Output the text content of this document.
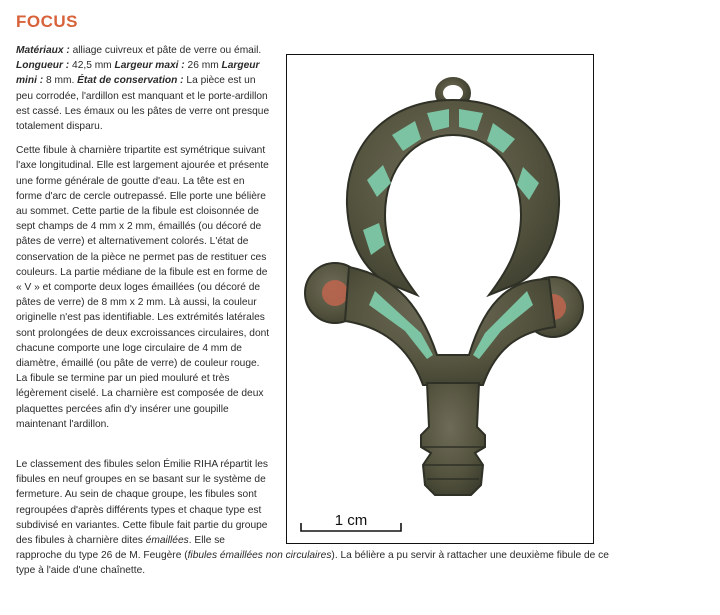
FOCUS

Matériaux : alliage cuivreux et pâte de verre ou émail. Longueur : 42,5 mm Largeur maxi : 26 mm Largeur mini : 8 mm. État de conservation : La pièce est un peu corrodée, l'ardillon est manquant et le porte-ardillon est cassé. Les émaux ou les pâtes de verre ont presque totalement disparu.

Cette fibule à charnière tripartite est symétrique suivant l'axe longitudinal. Elle est largement ajourée et présente une forme générale de goutte d'eau. La tête est en forme d'arc de cercle outrepassé. Elle porte une bélière au sommet. Cette partie de la fibule est cloisonnée de sept champs de 4 mm x 2 mm, émaillés (ou décoré de pâtes de verre) et alternativement colorés. L'état de conservation de la pièce ne permet pas de restituer ces couleurs. La partie médiane de la fibule est en forme de « V » et comporte deux loges émaillées (ou décoré de pâtes de verre) de 8 mm x 2 mm. Là aussi, la couleur originelle n'est pas identifiable. Les extrémités latérales sont prolongées de deux excroissances circulaires, dont chacune comporte une loge circulaire de 4 mm de diamètre, émaillé (ou pâte de verre) de couleur rouge. La fibule se termine par un pied mouluré et très légèrement ciselé. La charnière est composée de deux plaquettes percées afin d'y insérer une goupille maintenant l'ardillon.

1 cm

Le classement des fibules selon Émilie RIHA répartit les fibules en neuf groupes en se basant sur le système de fermeture. Au sein de chaque groupe, les fibules sont regroupées d'après différents types et chaque type est subdivisé en variantes. Cette fibule fait partie du groupe des fibules à charnière dites émaillées. Elle se rapproche du type 26 de M. Feugère (fibules émaillées non circulaires). La bélière a pu servir à rattacher une deuxième fibule de ce type à l'aide d'une chaînette.
